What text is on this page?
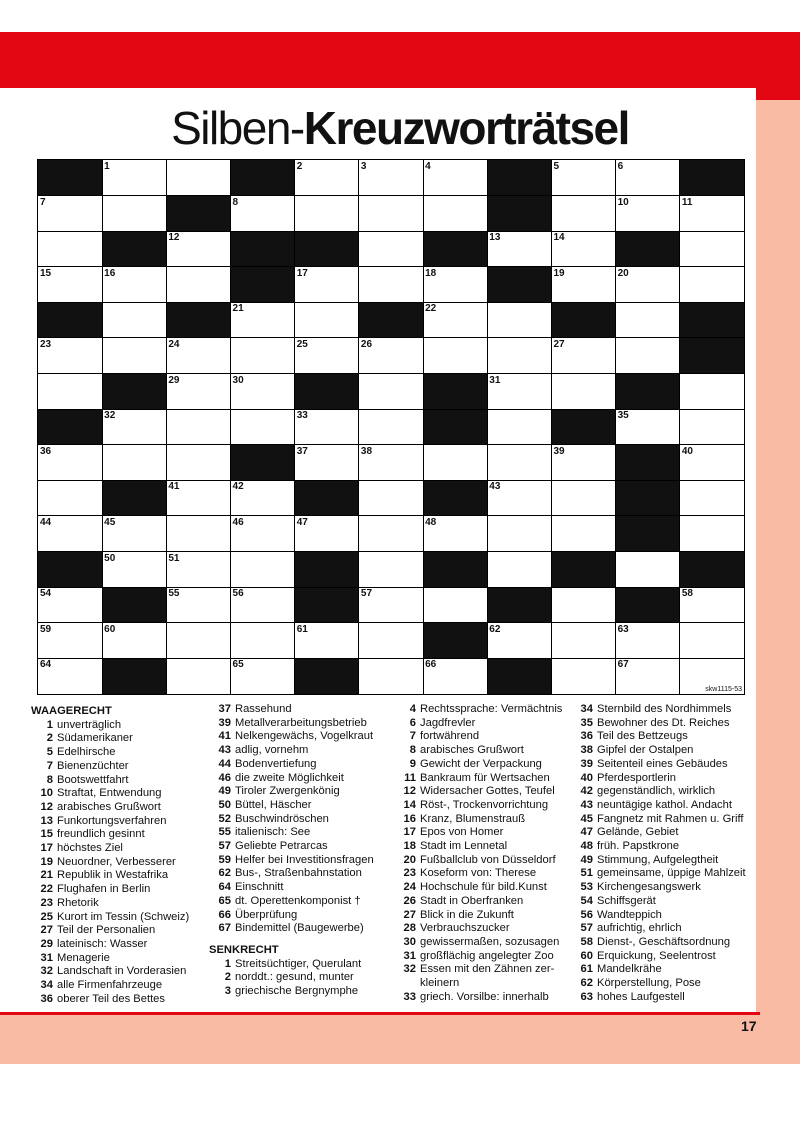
Silben-Kreuzworträtsel
67
66
65
64
63
62
61
60
59
58
57
56
55
54
53
52
51
50
49
48
47
46
45
44
43
42
41
40
39
38
37
36
35
34
33
32
31
30
29
28
27
26
25
24
23
22
21
20
19
18
17
16
15
14
13
12
11
10
9
8
7
6
5
4
3
2
1
skw1115-53
WAAGERECHT
1 unverträglich
2 Südamerikaner
5 Edelhirsche
7 Bienenzüchter
8 Bootswettfahrt
10 Straftat, Entwendung
12 arabisches Grußwort
13 Funkortungsverfahren
15 freundlich gesinnt
17 höchstes Ziel
19 Neuordner, Verbesserer
21 Republik in Westafrika
22 Flughafen in Berlin
23 Rhetorik
25 Kurort im Tessin (Schweiz)
27 Teil der Personalien
29 lateinisch: Wasser
31 Menagerie
32 Landschaft in Vorderasien
34 alle Firmenfahrzeuge
36 oberer Teil des Bettes
37 Rassehund
39 Metallverarbeitungsbetrieb
41 Nelkengewächs, Vogelkraut
43 adlig, vornehm
44 Bodenvertiefung
46 die zweite Möglichkeit
49 Tiroler Zwergenkönig
50 Büttel, Häscher
52 Buschwindröschen
55 italienisch: See
57 Geliebte Petrarcas
59 Helfer bei Investitionsfragen
62 Bus-, Straßenbahnstation
64 Einschnitt
65 dt. Operettenkomponist †
66 Überprüfung
67 Bindemittel (Baugewerbe)
SENKRECHT
1 Streitsüchtiger, Querulant
2 norddt.: gesund, munter
3 griechische Bergnymphe
4 Rechtssprache: Vermächtnis
6 Jagdfrevler
7 fortwährend
8 arabisches Grußwort
9 Gewicht der Verpackung
11 Bankraum für Wertsachen
12 Widersacher Gottes, Teufel
14 Röst-, Trockenvorrichtung
16 Kranz, Blumenstrauß
17 Epos von Homer
18 Stadt im Lennetal
20 Fußballclub von Düsseldorf
23 Koseform von: Therese
24 Hochschule für bild.Kunst
26 Stadt in Oberfranken
27 Blick in die Zukunft
28 Verbrauchszucker
30 gewissermaßen, sozusagen
31 großflächig angelegter Zoo
32 Essen mit den Zähnen zer-
kleinern
33 griech. Vorsilbe: innerhalb
34 Sternbild des Nordhimmels
35 Bewohner des Dt. Reiches
36 Teil des Bettzeugs
38 Gipfel der Ostalpen
39 Seitenteil eines Gebäudes
40 Pferdesportlerin
42 gegenständlich, wirklich
43 neuntägige kathol. Andacht
45 Fangnetz mit Rahmen u. Griff
47 Gelände, Gebiet
48 früh. Papstkrone
49 Stimmung, Aufgelegtheit
51 gemeinsame, üppige Mahlzeit
53 Kirchengesangswerk
54 Schiffsgerät
56 Wandteppich
57 aufrichtig, ehrlich
58 Dienst-, Geschäftsordnung
60 Erquickung, Seelentrost
61 Mandelkrähe
62 Körperstellung, Pose
63 hohes Laufgestell
17
